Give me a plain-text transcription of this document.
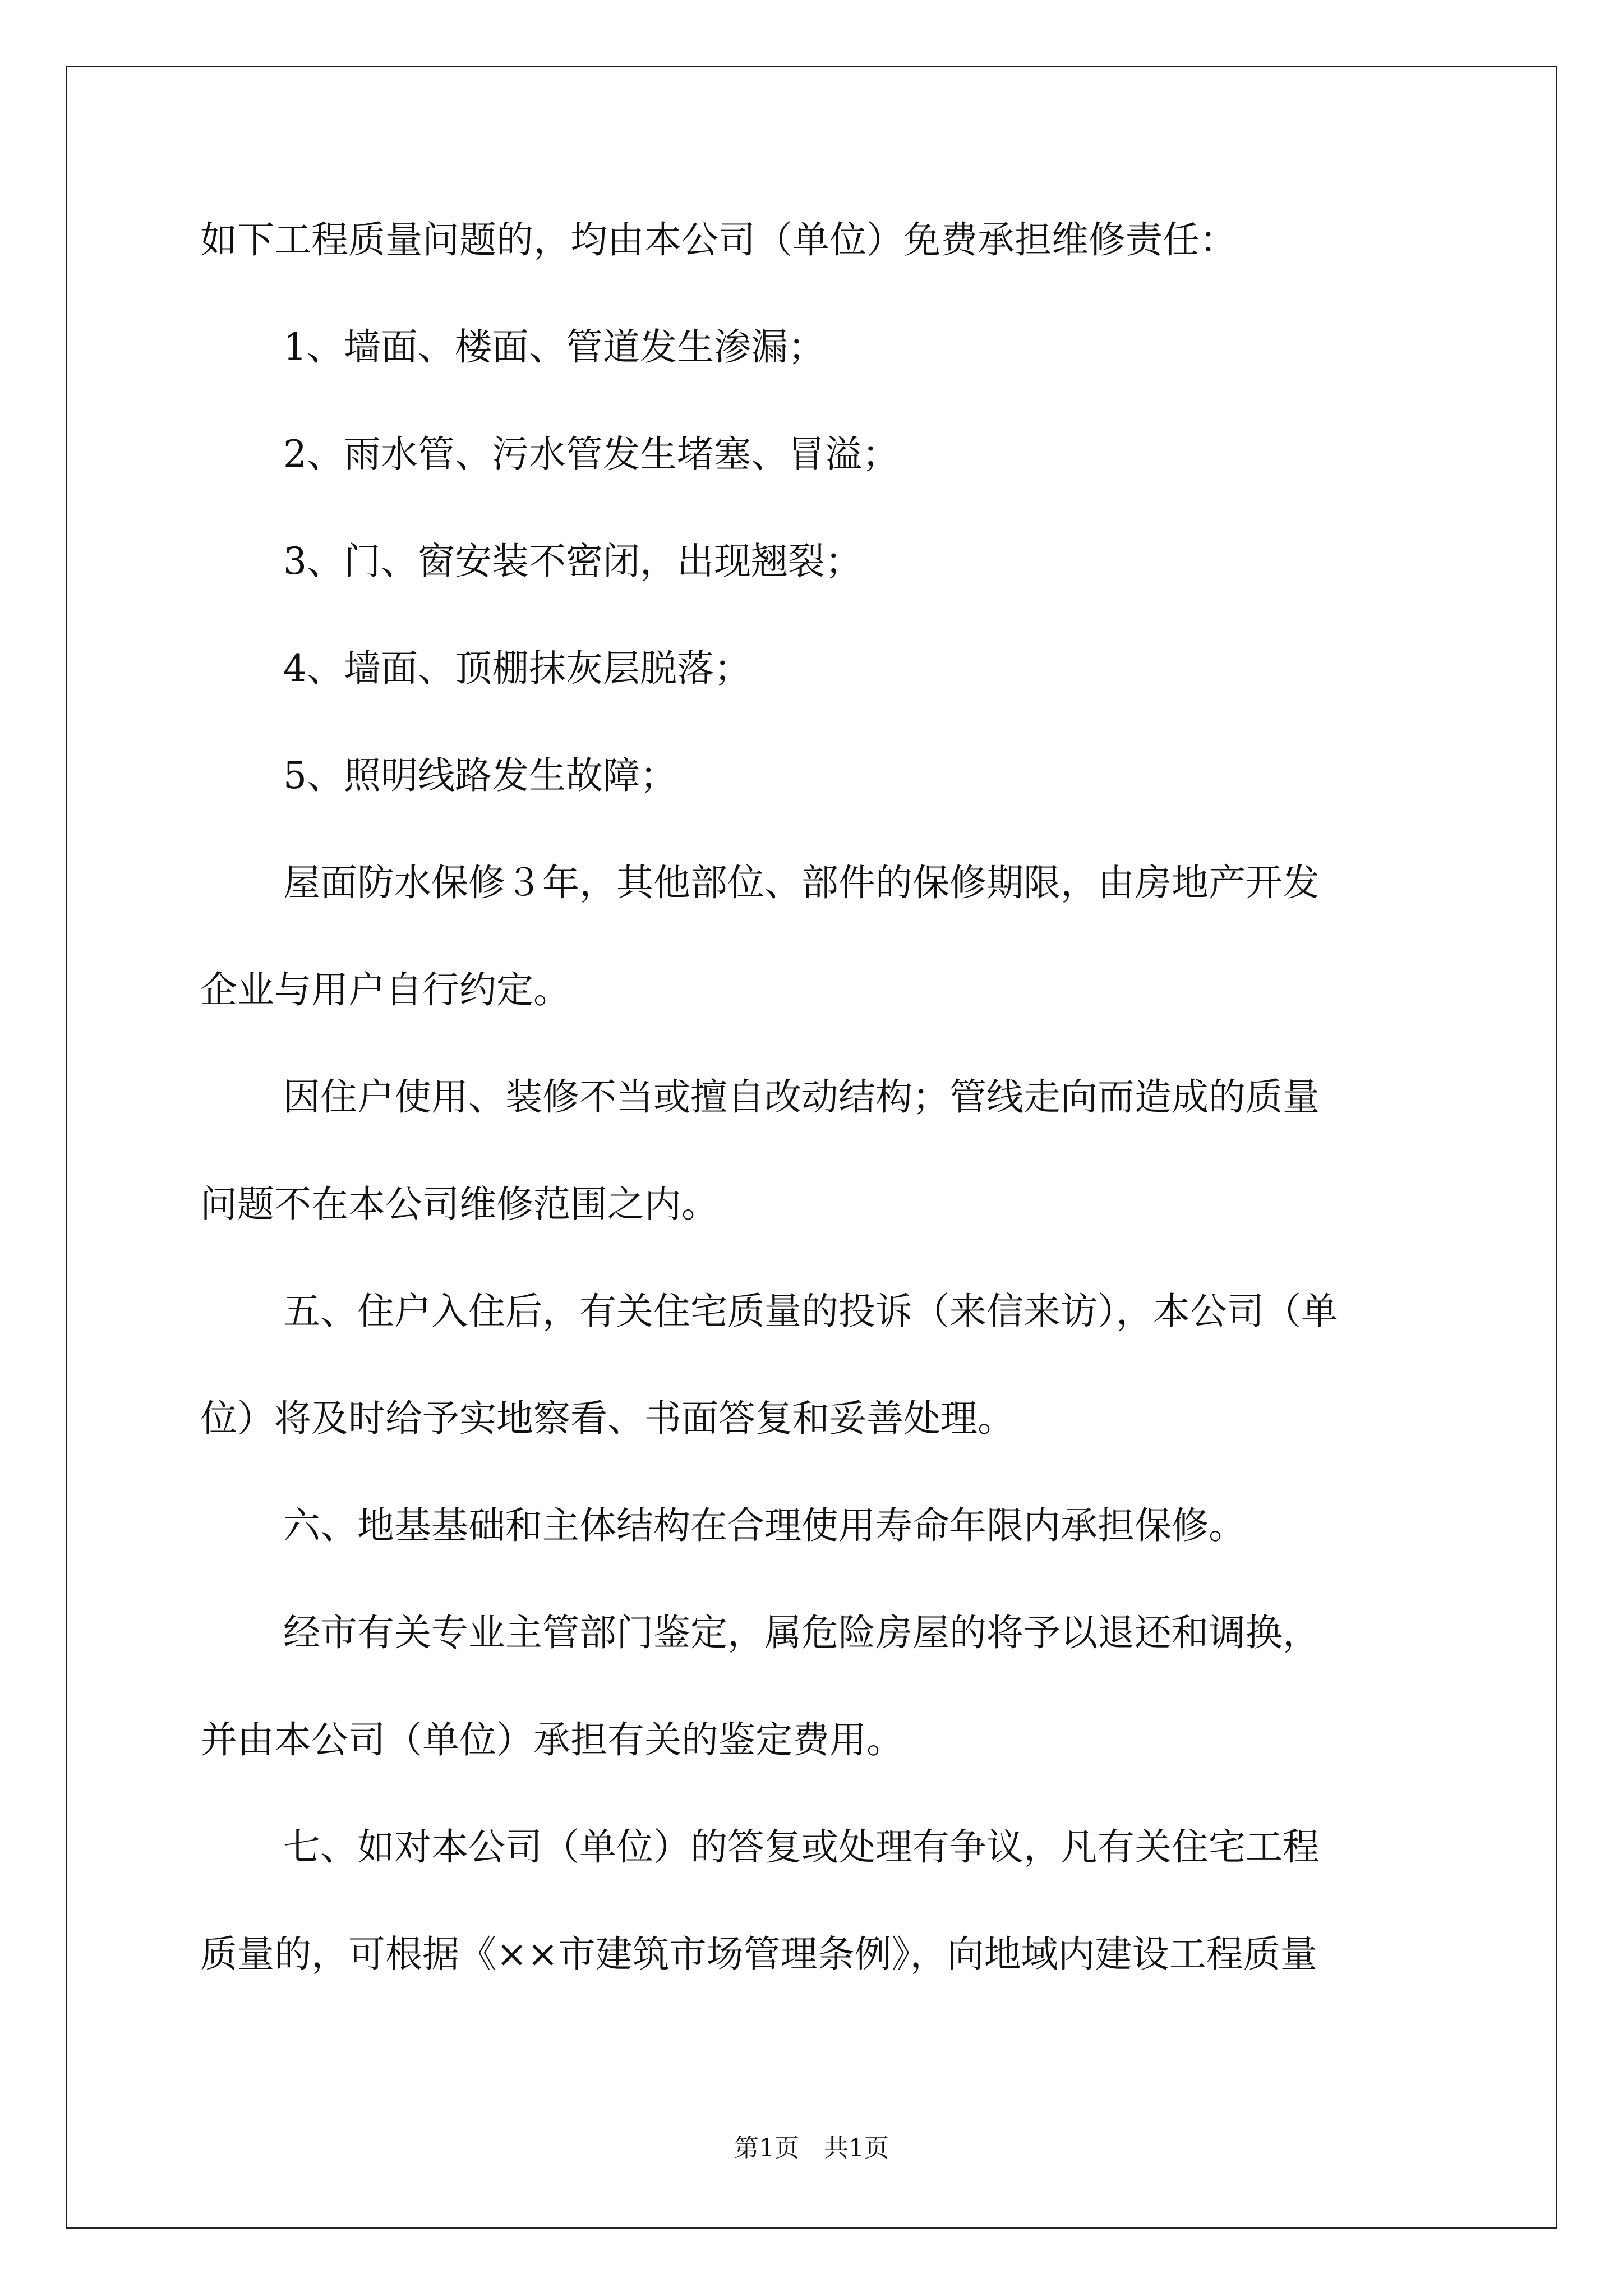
如下工程质量问题的，均由本公司（单位）免费承担维修责任：
1、墙面、楼面、管道发生渗漏；
2、雨水管、污水管发生堵塞、冒溢；
3、门、窗安装不密闭，出现翘裂；
4、墙面、顶棚抹灰层脱落；
5、照明线路发生故障；
屋面防水保修３年，其他部位、部件的保修期限，由房地产开发
企业与用户自行约定。
因住户使用、装修不当或擅自改动结构；管线走向而造成的质量
问题不在本公司维修范围之内。
五、住户入住后，有关住宅质量的投诉（来信来访），本公司（单
位）将及时给予实地察看、书面答复和妥善处理。
六、地基基础和主体结构在合理使用寿命年限内承担保修。
经市有关专业主管部门鉴定，属危险房屋的将予以退还和调换，
并由本公司（单位）承担有关的鉴定费用。
七、如对本公司（单位）的答复或处理有争议，凡有关住宅工程
质量的，可根据《××市建筑市场管理条例》，向地域内建设工程质量
第1页 共1页
